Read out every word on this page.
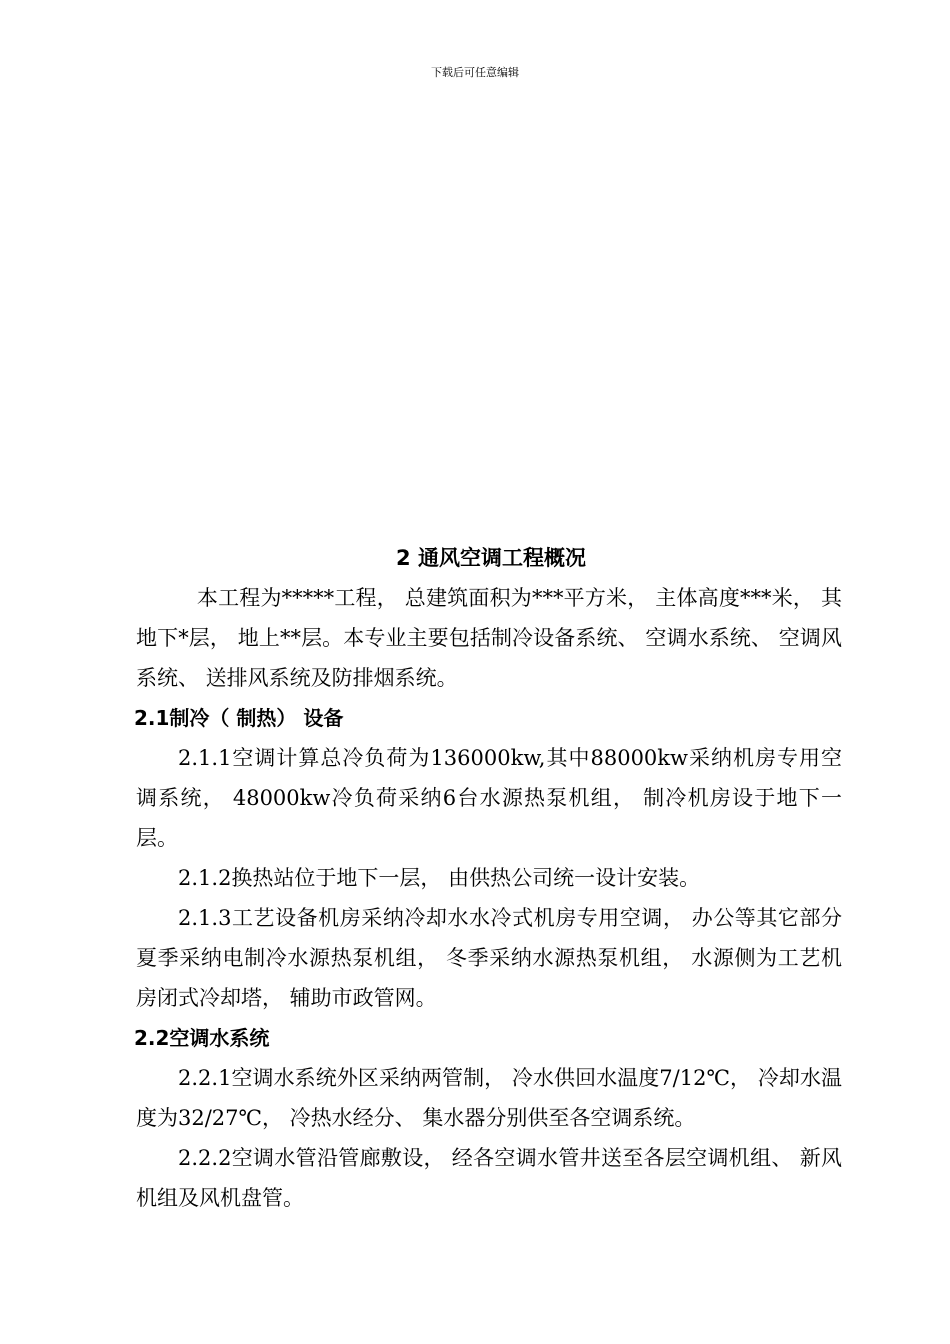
下载后可任意编辑
2 通风空调工程概况

本工程为*****工程， 总建筑面积为***平方米， 主体高度***米， 其地下*层， 地上**层。本专业主要包括制冷设备系统、 空调水系统、 空调风系统、 送排风系统及防排烟系统。

2.1制冷（ 制热） 设备

2.1.1空调计算总冷负荷为136000kw,其中88000kw采纳机房专用空调系统， 48000kw冷负荷采纳6台水源热泵机组， 制冷机房设于地下一层。

2.1.2换热站位于地下一层， 由供热公司统一设计安装。

2.1.3工艺设备机房采纳冷却水水冷式机房专用空调， 办公等其它部分夏季采纳电制冷水源热泵机组， 冬季采纳水源热泵机组， 水源侧为工艺机房闭式冷却塔， 辅助市政管网。

2.2空调水系统

2.2.1空调水系统外区采纳两管制， 冷水供回水温度7/12℃， 冷却水温度为32/27℃， 冷热水经分、 集水器分别供至各空调系统。

2.2.2空调水管沿管廊敷设， 经各空调水管井送至各层空调机组、 新风机组及风机盘管。
